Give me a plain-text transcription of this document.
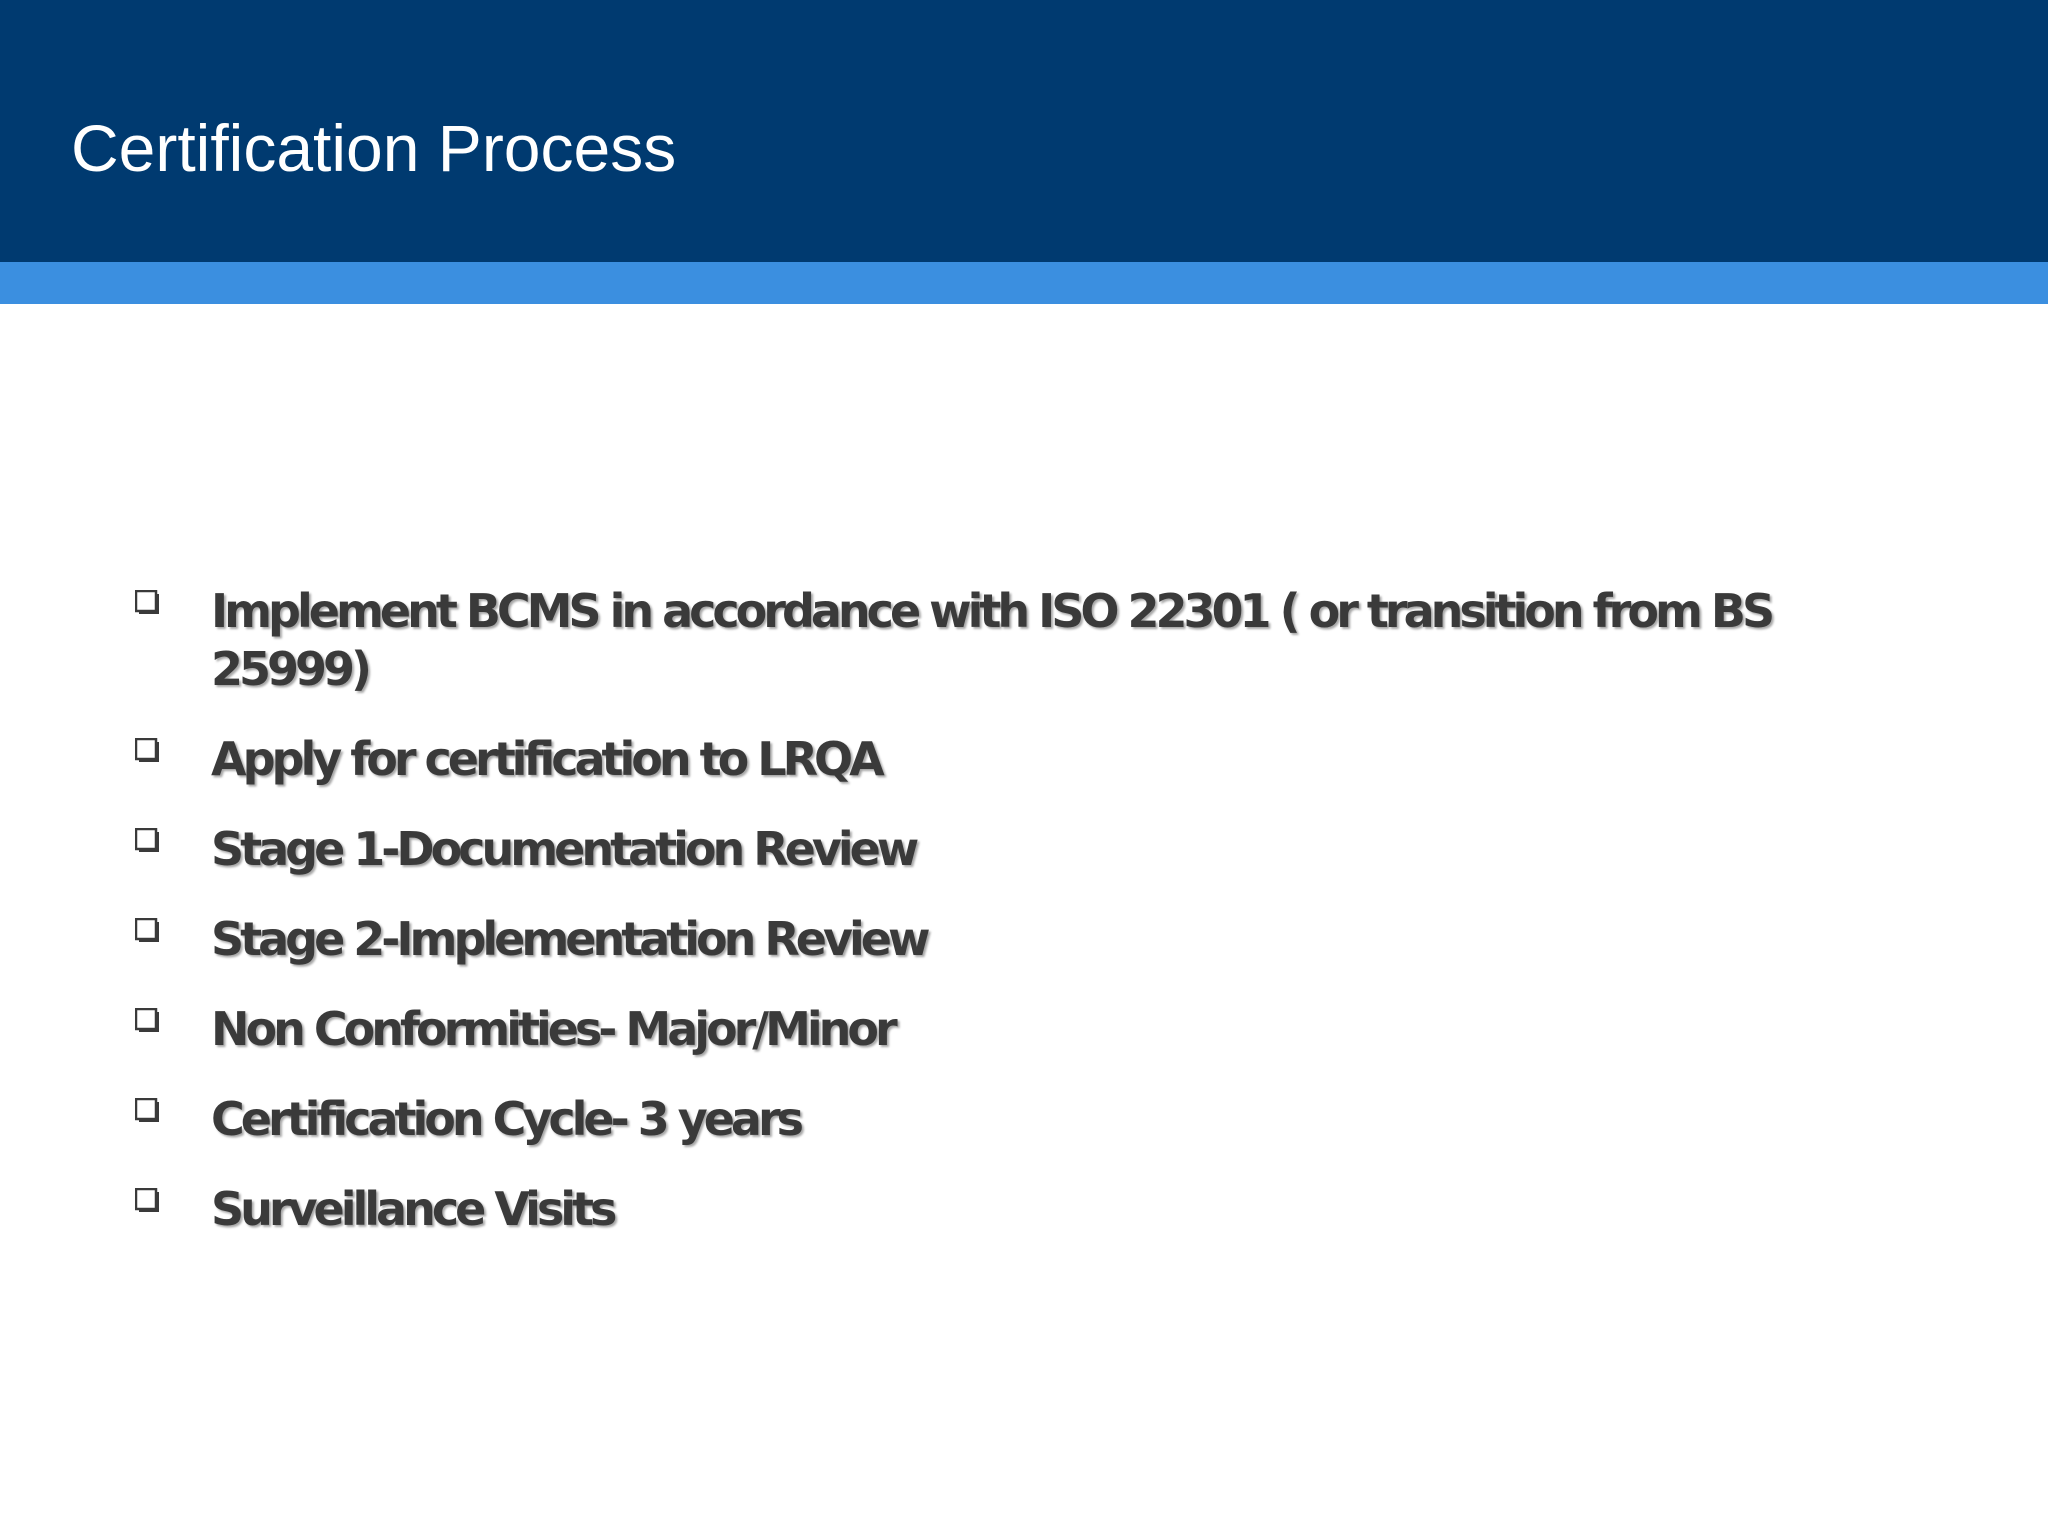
Certification Process
Implement BCMS in accordance with ISO 22301 ( or transition from BS 25999)
Apply for certification to LRQA
Stage 1-Documentation Review
Stage 2-Implementation Review
Non Conformities- Major/Minor
Certification Cycle- 3 years
Surveillance Visits
